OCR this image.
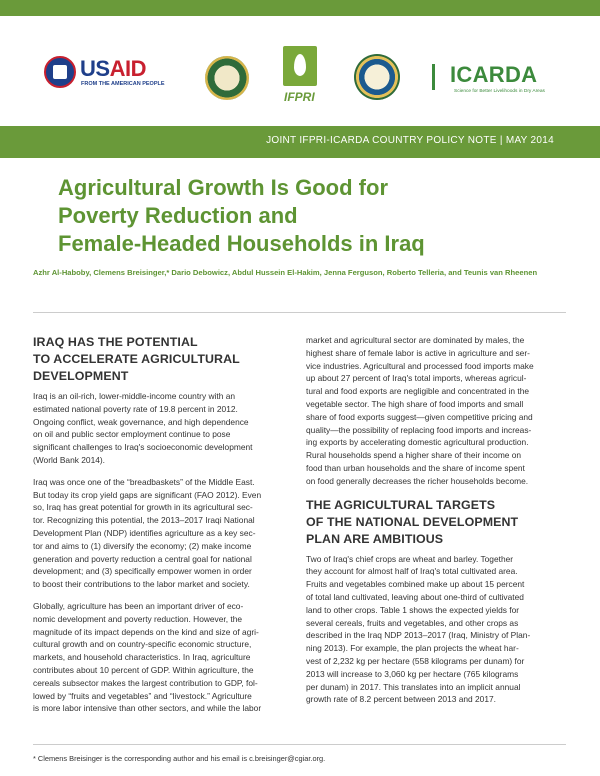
USAID
FROM THE AMERICAN PEOPLE
IFPRI
ICARDA
Science for Better Livelihoods in Dry Areas
JOINT IFPRI-ICARDA COUNTRY POLICY NOTE | MAY 2014
Agricultural Growth Is Good for
Poverty Reduction and
Female-Headed Households in Iraq
Azhr Al-Haboby, Clemens Breisinger,* Dario Debowicz, Abdul Hussein El-Hakim, Jenna Ferguson, Roberto Telleria, and Teunis van Rheenen
IRAQ HAS THE POTENTIAL
TO ACCELERATE AGRICULTURAL
DEVELOPMENT

Iraq is an oil-rich, lower-middle-income country with an
estimated national poverty rate of 19.8 percent in 2012.
Ongoing conflict, weak governance, and high dependence
on oil and public sector employment continue to pose
significant challenges to Iraq's socioeconomic development
(World Bank 2014).

Iraq was once one of the “breadbaskets” of the Middle East.
But today its crop yield gaps are significant (FAO 2012). Even
so, Iraq has great potential for growth in its agricultural sec-
tor. Recognizing this potential, the 2013–2017 Iraqi National
Development Plan (NDP) identifies agriculture as a key sec-
tor and aims to (1) diversify the economy; (2) make income
generation and poverty reduction a central goal for national
development; and (3) specifically empower women in order
to boost their contributions to the labor market and society.

Globally, agriculture has been an important driver of eco-
nomic development and poverty reduction. However, the
magnitude of its impact depends on the kind and size of agri-
cultural growth and on country-specific economic structure,
markets, and household characteristics. In Iraq, agriculture
contributes about 10 percent of GDP. Within agriculture, the
cereals subsector makes the largest contribution to GDP, fol-
lowed by “fruits and vegetables” and “livestock.” Agriculture
is more labor intensive than other sectors, and while the labor

market and agricultural sector are dominated by males, the
highest share of female labor is active in agriculture and ser-
vice industries. Agricultural and processed food imports make
up about 27 percent of Iraq's total imports, whereas agricul-
tural and food exports are negligible and concentrated in the
vegetable sector. The high share of food imports and small
share of food exports suggest—given competitive pricing and
quality—the possibility of replacing food imports and increas-
ing exports by accelerating domestic agricultural production.
Rural households spend a higher share of their income on
food than urban households and the share of income spent
on food generally decreases the richer households become.

THE AGRICULTURAL TARGETS
OF THE NATIONAL DEVELOPMENT
PLAN ARE AMBITIOUS

Two of Iraq's chief crops are wheat and barley. Together
they account for almost half of Iraq's total cultivated area.
Fruits and vegetables combined make up about 15 percent
of total land cultivated, leaving about one-third of cultivated
land to other crops. Table 1 shows the expected yields for
several cereals, fruits and vegetables, and other crops as
described in the Iraq NDP 2013–2017 (Iraq, Ministry of Plan-
ning 2013). For example, the plan projects the wheat har-
vest of 2,232 kg per hectare (558 kilograms per dunam) for
2013 will increase to 3,060 kg per hectare (765 kilograms
per dunam) in 2017. This translates into an implicit annual
growth rate of 8.2 percent between 2013 and 2017.

* Clemens Breisinger is the corresponding author and his email is c.breisinger@cgiar.org.
